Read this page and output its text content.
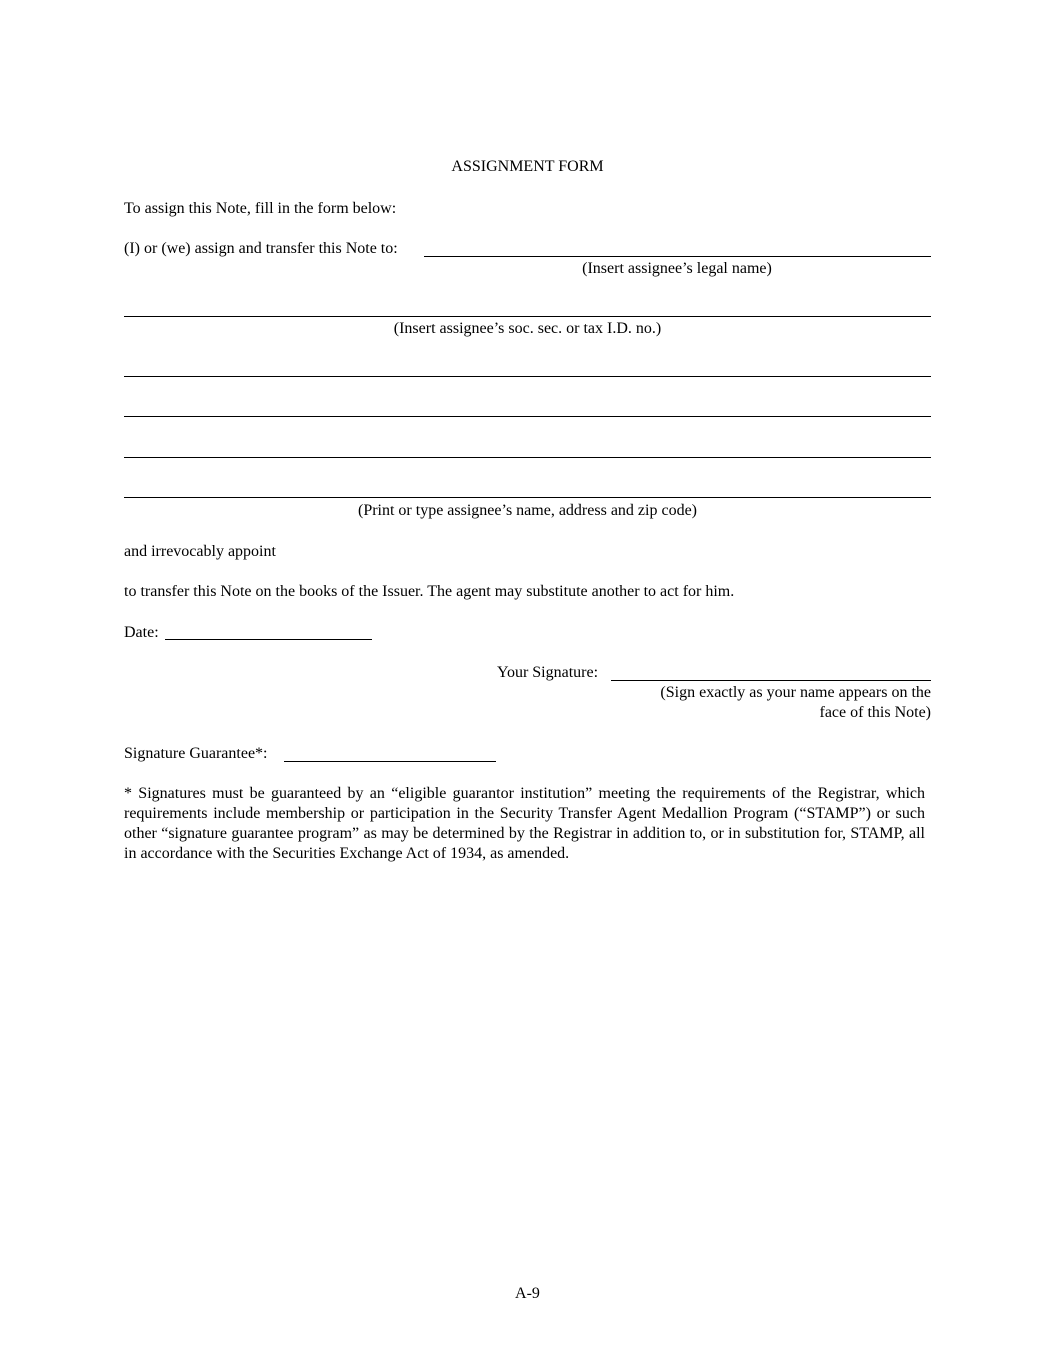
ASSIGNMENT FORM
To assign this Note, fill in the form below:
(I) or (we) assign and transfer this Note to:
(Insert assignee’s legal name)
(Insert assignee’s soc. sec. or tax I.D. no.)
(Print or type assignee’s name, address and zip code)
and irrevocably appoint
to transfer this Note on the books of the Issuer. The agent may substitute another to act for him.
Date:
Your Signature:
(Sign exactly as your name appears on the
face of this Note)
Signature Guarantee*:
* Signatures must be guaranteed by an “eligible guarantor institution” meeting the requirements of the Registrar, which requirements include membership or participation in the Security Transfer Agent Medallion Program (“STAMP”) or such other “signature guarantee program” as may be determined by the Registrar in addition to, or in substitution for, STAMP, all in accordance with the Securities Exchange Act of 1934, as amended.
A-9
